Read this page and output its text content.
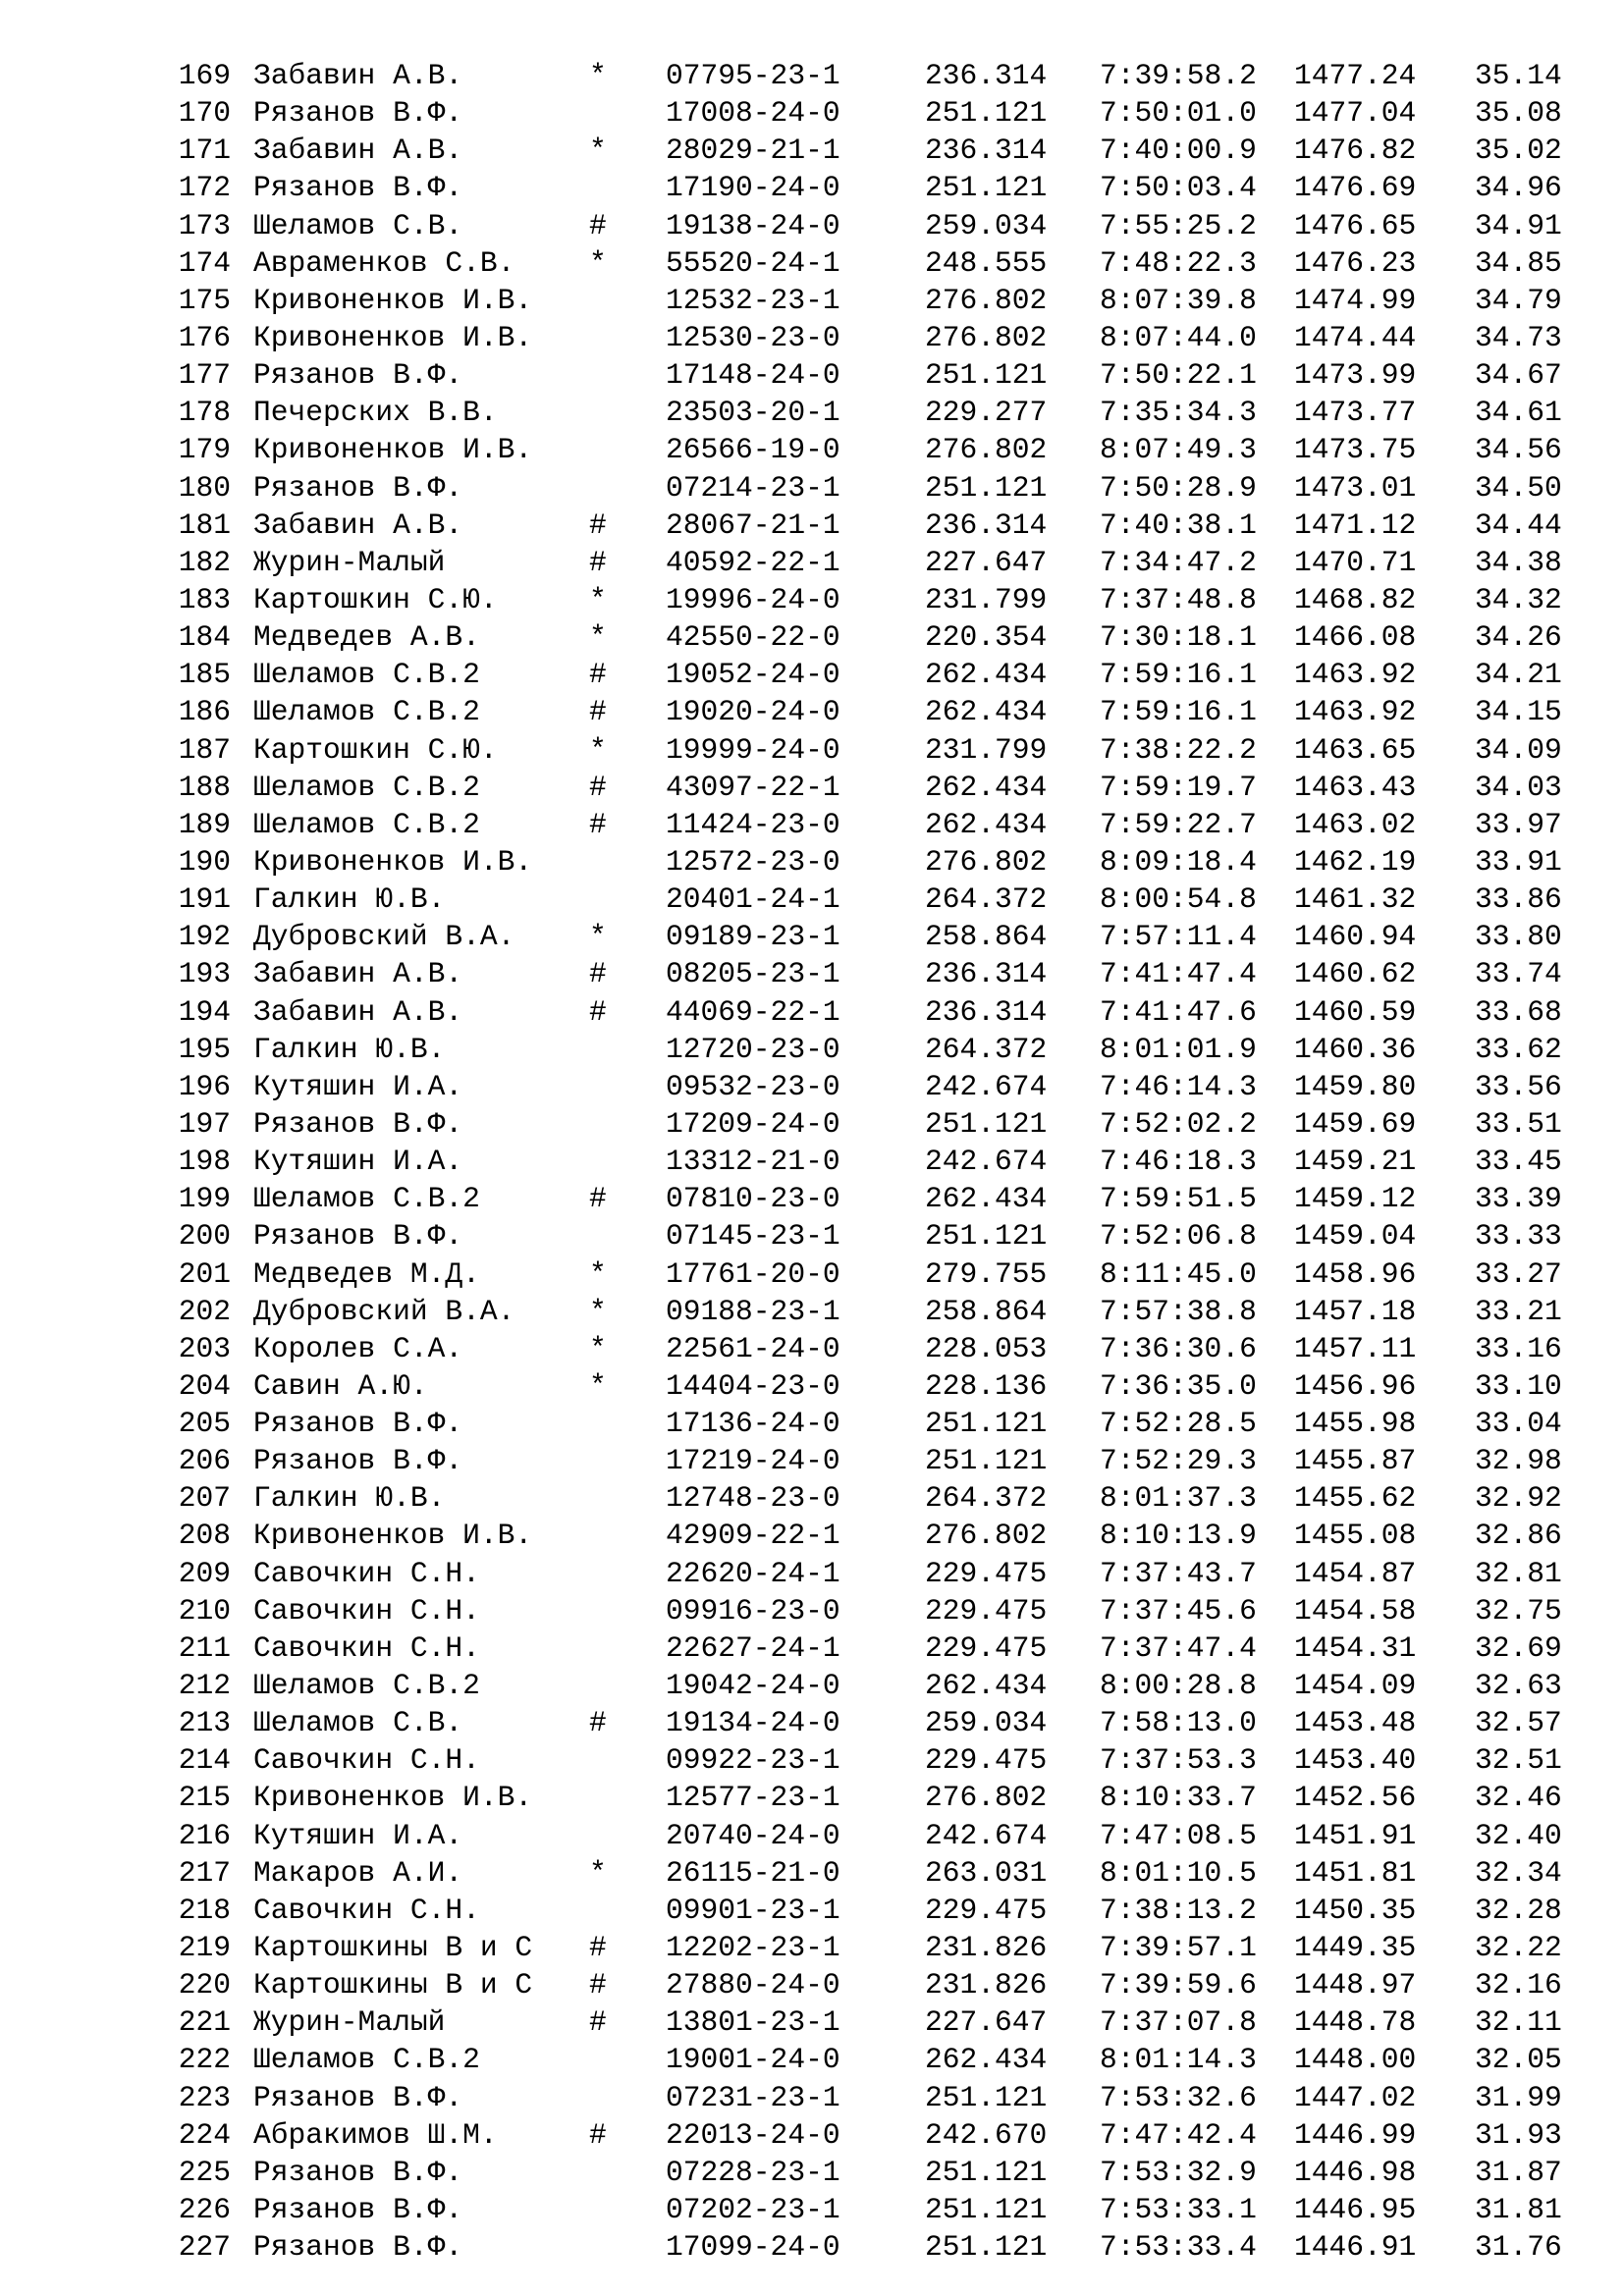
169 Забавин А.В.	* 07795-23-1	236.314 7:39:58.2 1477.24 35.14
170 Рязанов В.Ф.	17008-24-0	251.121 7:50:01.0 1477.04 35.08
171 Забавин А.В.	* 28029-21-1	236.314 7:40:00.9 1476.82 35.02
172 Рязанов В.Ф.	17190-24-0	251.121 7:50:03.4 1476.69 34.96
173 Шеламов С.В.	# 19138-24-0	259.034 7:55:25.2 1476.65 34.91
174 Авраменков С.В.	* 55520-24-1	248.555 7:48:22.3 1476.23 34.85
175 Кривоненков И.В.	12532-23-1	276.802 8:07:39.8 1474.99 34.79
176 Кривоненков И.В.	12530-23-0	276.802 8:07:44.0 1474.44 34.73
177 Рязанов В.Ф.	17148-24-0	251.121 7:50:22.1 1473.99 34.67
178 Печерских В.В.	23503-20-1	229.277 7:35:34.3 1473.77 34.61
179 Кривоненков И.В.	26566-19-0	276.802 8:07:49.3 1473.75 34.56
180 Рязанов В.Ф.	07214-23-1	251.121 7:50:28.9 1473.01 34.50
181 Забавин А.В.	# 28067-21-1	236.314 7:40:38.1 1471.12 34.44
182 Журин-Малый	# 40592-22-1	227.647 7:34:47.2 1470.71 34.38
183 Картошкин С.Ю.	* 19996-24-0	231.799 7:37:48.8 1468.82 34.32
184 Медведев А.В.	* 42550-22-0	220.354 7:30:18.1 1466.08 34.26
185 Шеламов С.В.2	# 19052-24-0	262.434 7:59:16.1 1463.92 34.21
186 Шеламов С.В.2	# 19020-24-0	262.434 7:59:16.1 1463.92 34.15
187 Картошкин С.Ю.	* 19999-24-0	231.799 7:38:22.2 1463.65 34.09
188 Шеламов С.В.2	# 43097-22-1	262.434 7:59:19.7 1463.43 34.03
189 Шеламов С.В.2	# 11424-23-0	262.434 7:59:22.7 1463.02 33.97
190 Кривоненков И.В.	12572-23-0	276.802 8:09:18.4 1462.19 33.91
191 Галкин Ю.В.	20401-24-1	264.372 8:00:54.8 1461.32 33.86
192 Дубровский В.А.	* 09189-23-1	258.864 7:57:11.4 1460.94 33.80
193 Забавин А.В.	# 08205-23-1	236.314 7:41:47.4 1460.62 33.74
194 Забавин А.В.	# 44069-22-1	236.314 7:41:47.6 1460.59 33.68
195 Галкин Ю.В.	12720-23-0	264.372 8:01:01.9 1460.36 33.62
196 Кутяшин И.А.	09532-23-0	242.674 7:46:14.3 1459.80 33.56
197 Рязанов В.Ф.	17209-24-0	251.121 7:52:02.2 1459.69 33.51
198 Кутяшин И.А.	13312-21-0	242.674 7:46:18.3 1459.21 33.45
199 Шеламов С.В.2	# 07810-23-0	262.434 7:59:51.5 1459.12 33.39
200 Рязанов В.Ф.	07145-23-1	251.121 7:52:06.8 1459.04 33.33
201 Медведев М.Д.	* 17761-20-0	279.755 8:11:45.0 1458.96 33.27
202 Дубровский В.А.	* 09188-23-1	258.864 7:57:38.8 1457.18 33.21
203 Королев С.А.	* 22561-24-0	228.053 7:36:30.6 1457.11 33.16
204 Савин А.Ю.	* 14404-23-0	228.136 7:36:35.0 1456.96 33.10
205 Рязанов В.Ф.	17136-24-0	251.121 7:52:28.5 1455.98 33.04
206 Рязанов В.Ф.	17219-24-0	251.121 7:52:29.3 1455.87 32.98
207 Галкин Ю.В.	12748-23-0	264.372 8:01:37.3 1455.62 32.92
208 Кривоненков И.В.	42909-22-1	276.802 8:10:13.9 1455.08 32.86
209 Савочкин С.Н.	22620-24-1	229.475 7:37:43.7 1454.87 32.81
210 Савочкин С.Н.	09916-23-0	229.475 7:37:45.6 1454.58 32.75
211 Савочкин С.Н.	22627-24-1	229.475 7:37:47.4 1454.31 32.69
212 Шеламов С.В.2	19042-24-0	262.434 8:00:28.8 1454.09 32.63
213 Шеламов С.В.	# 19134-24-0	259.034 7:58:13.0 1453.48 32.57
214 Савочкин С.Н.	09922-23-1	229.475 7:37:53.3 1453.40 32.51
215 Кривоненков И.В.	12577-23-1	276.802 8:10:33.7 1452.56 32.46
216 Кутяшин И.А.	20740-24-0	242.674 7:47:08.5 1451.91 32.40
217 Макаров А.И.	* 26115-21-0	263.031 8:01:10.5 1451.81 32.34
218 Савочкин С.Н.	09901-23-1	229.475 7:38:13.2 1450.35 32.28
219 Картошкины В и С # 12202-23-1	231.826 7:39:57.1 1449.35 32.22
220 Картошкины В и С # 27880-24-0	231.826 7:39:59.6 1448.97 32.16
221 Журин-Малый	# 13801-23-1	227.647 7:37:07.8 1448.78 32.11
222 Шеламов С.В.2	19001-24-0	262.434 8:01:14.3 1448.00 32.05
223 Рязанов В.Ф.	07231-23-1	251.121 7:53:32.6 1447.02 31.99
224 Абракимов Ш.М.	# 22013-24-0	242.670 7:47:42.4 1446.99 31.93
225 Рязанов В.Ф.	07228-23-1	251.121 7:53:32.9 1446.98 31.87
226 Рязанов В.Ф.	07202-23-1	251.121 7:53:33.1 1446.95 31.81
227 Рязанов В.Ф.	17099-24-0	251.121 7:53:33.4 1446.91 31.76
